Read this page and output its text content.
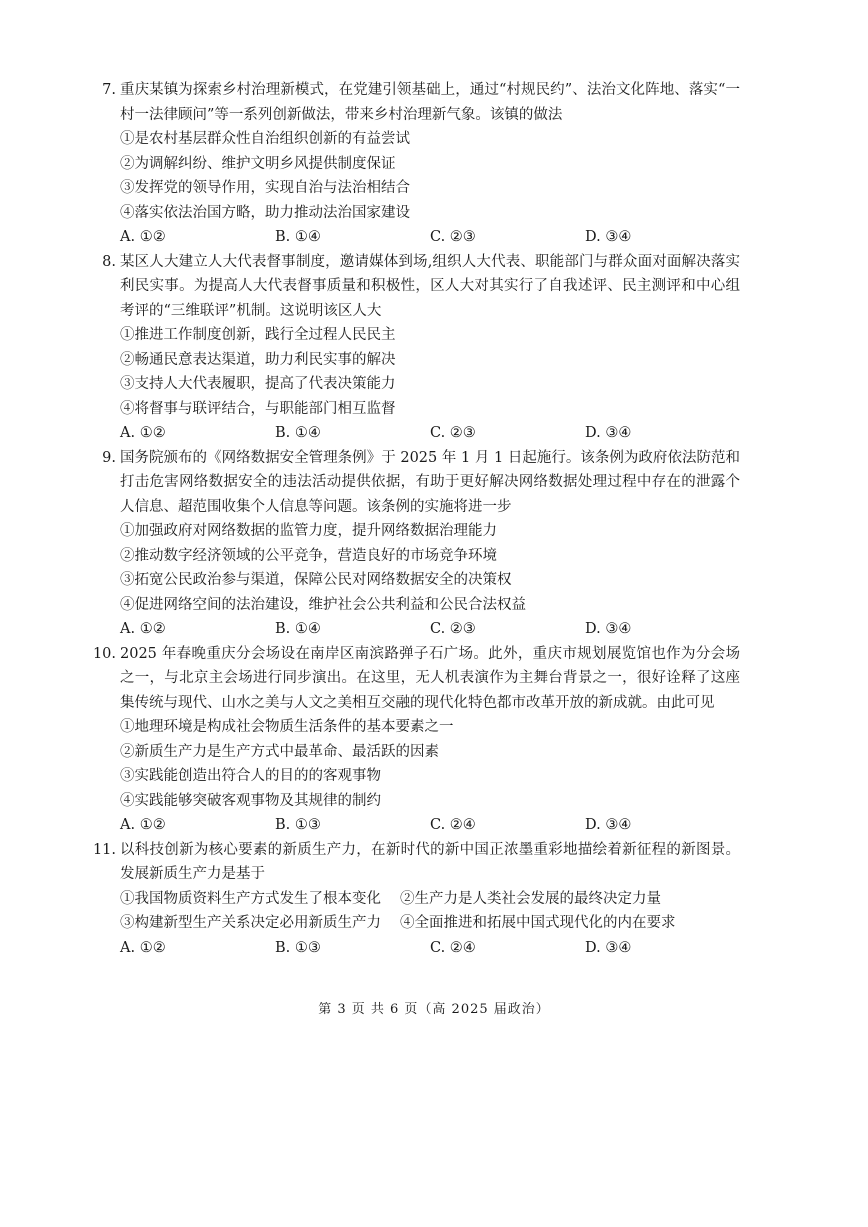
7. 重庆某镇为探索乡村治理新模式，在党建引领基础上，通过“村规民约”、法治文化阵地、落实“一村一法律顾问”等一系列创新做法，带来乡村治理新气象。该镇的做法
①是农村基层群众性自治组织创新的有益尝试
②为调解纠纷、维护文明乡风提供制度保证
③发挥党的领导作用，实现自治与法治相结合
④落实依法治国方略，助力推动法治国家建设
A. ①②	B. ①④	C. ②③	D. ③④
8. 某区人大建立人大代表督事制度，邀请媒体到场,组织人大代表、职能部门与群众面对面解决落实利民实事。为提高人大代表督事质量和积极性，区人大对其实行了自我述评、民主测评和中心组考评的“三维联评”机制。这说明该区人大
①推进工作制度创新，践行全过程人民民主
②畅通民意表达渠道，助力利民实事的解决
③支持人大代表履职，提高了代表决策能力
④将督事与联评结合，与职能部门相互监督
A. ①②	B. ①④	C. ②③	D. ③④
9. 国务院颁布的《网络数据安全管理条例》于 2025 年 1 月 1 日起施行。该条例为政府依法防范和打击危害网络数据安全的违法活动提供依据，有助于更好解决网络数据处理过程中存在的泄露个人信息、超范围收集个人信息等问题。该条例的实施将进一步
①加强政府对网络数据的监管力度，提升网络数据治理能力
②推动数字经济领域的公平竞争，营造良好的市场竞争环境
③拓宽公民政治参与渠道，保障公民对网络数据安全的决策权
④促进网络空间的法治建设，维护社会公共利益和公民合法权益
A. ①②	B. ①④	C. ②③	D. ③④
10. 2025 年春晚重庆分会场设在南岸区南滨路弹子石广场。此外，重庆市规划展览馆也作为分会场之一，与北京主会场进行同步演出。在这里，无人机表演作为主舞台背景之一，很好诠释了这座集传统与现代、山水之美与人文之美相互交融的现代化特色都市改革开放的新成就。由此可见
①地理环境是构成社会物质生活条件的基本要素之一
②新质生产力是生产方式中最革命、最活跃的因素
③实践能创造出符合人的目的的客观事物
④实践能够突破客观事物及其规律的制约
A. ①②	B. ①③	C. ②④	D. ③④
11. 以科技创新为核心要素的新质生产力，在新时代的新中国正浓墨重彩地描绘着新征程的新图景。发展新质生产力是基于
①我国物质资料生产方式发生了根本变化	②生产力是人类社会发展的最终决定力量
③构建新型生产关系决定必用新质生产力	④全面推进和拓展中国式现代化的内在要求
A. ①②	B. ①③	C. ②④	D. ③④
第 3 页 共 6 页（高 2025 届政治）
